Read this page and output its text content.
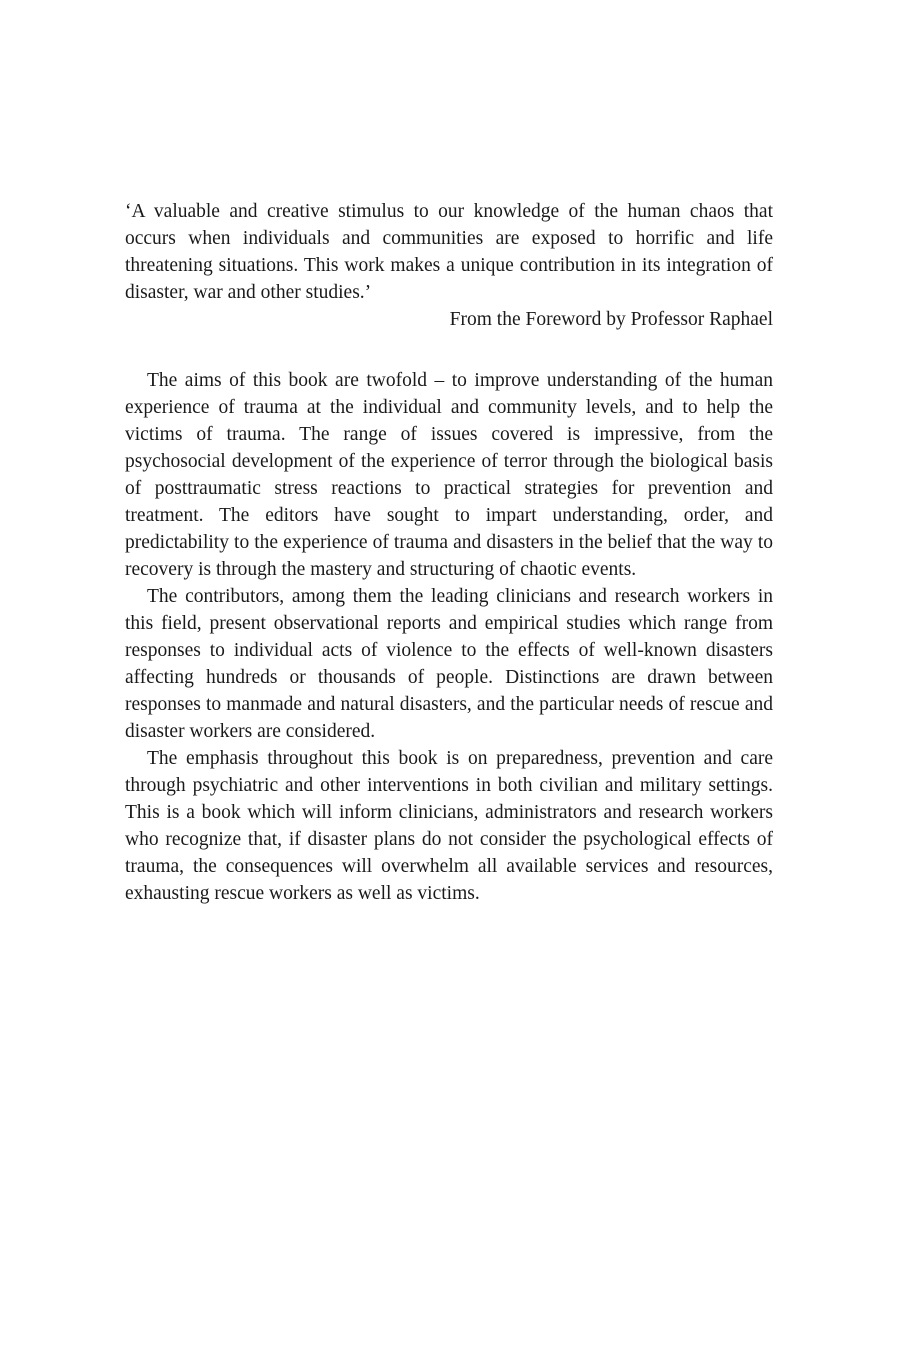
‘A valuable and creative stimulus to our knowledge of the human chaos that occurs when individuals and communities are exposed to horrific and life threatening situations. This work makes a unique contribution in its integration of disaster, war and other studies.’

From the Foreword by Professor Raphael

The aims of this book are twofold – to improve understanding of the human experience of trauma at the individual and community levels, and to help the victims of trauma. The range of issues covered is impressive, from the psychosocial development of the experience of terror through the biological basis of posttraumatic stress reactions to practical strategies for prevention and treatment. The editors have sought to impart understanding, order, and predictability to the experience of trauma and disasters in the belief that the way to recovery is through the mastery and structuring of chaotic events.

The contributors, among them the leading clinicians and research workers in this field, present observational reports and empirical studies which range from responses to individual acts of violence to the effects of well-known disasters affecting hundreds or thousands of people. Distinctions are drawn between responses to manmade and natural disasters, and the particular needs of rescue and disaster workers are considered.

The emphasis throughout this book is on preparedness, prevention and care through psychiatric and other interventions in both civilian and military settings. This is a book which will inform clinicians, administrators and research workers who recognize that, if disaster plans do not consider the psychological effects of trauma, the consequences will overwhelm all available services and resources, exhausting rescue workers as well as victims.
